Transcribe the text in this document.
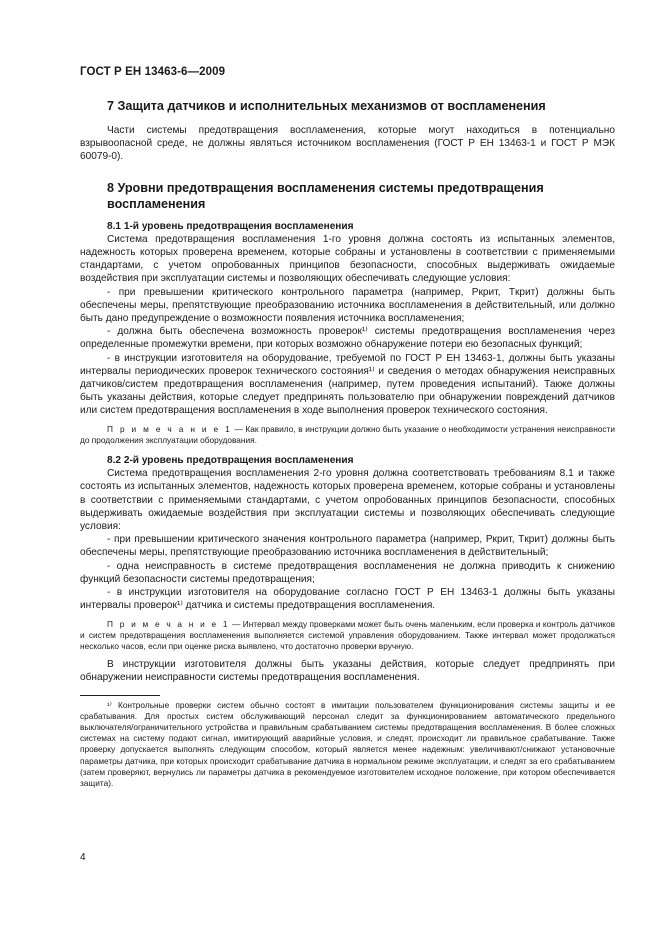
ГОСТ Р ЕН 13463-6—2009
7 Защита датчиков и исполнительных механизмов от воспламенения

Части системы предотвращения воспламенения, которые могут находиться в потенциально взрывоопасной среде, не должны являться источником воспламенения (ГОСТ Р ЕН 13463-1 и ГОСТ Р МЭК 60079-0).

8 Уровни предотвращения воспламенения системы предотвращения воспламенения
8.1 1-й уровень предотвращения воспламенения

Система предотвращения воспламенения 1-го уровня должна состоять из испытанных элементов, надежность которых проверена временем, которые собраны и установлены в соответствии с применяемыми стандартами, с учетом опробованных принципов безопасности, способных выдерживать ожидаемые воздействия при эксплуатации системы и позволяющих обеспечивать следующие условия:

- при превышении критического контрольного параметра (например, Pкрит, Tкрит) должны быть обеспечены меры, препятствующие преобразованию источника воспламенения в действительный, или должно быть дано предупреждение о возможности появления источника воспламенения;

- должна быть обеспечена возможность проверок¹⁾ системы предотвращения воспламенения через определенные промежутки времени, при которых возможно обнаружение потери ею безопасных функций;

- в инструкции изготовителя на оборудование, требуемой по ГОСТ Р ЕН 13463-1, должны быть указаны интервалы периодических проверок технического состояния¹⁾ и сведения о методах обнаружения неисправных датчиков/систем предотвращения воспламенения (например, путем проведения испытаний). Также должны быть указаны действия, которые следует предпринять пользователю при обнаружении повреждений датчиков или систем предотвращения воспламенения в ходе выполнения проверок технического состояния.

П р и м е ч а н и е 1 — Как правило, в инструкции должно быть указание о необходимости устранения неисправности до продолжения эксплуатации оборудования.
8.2 2-й уровень предотвращения воспламенения

Система предотвращения воспламенения 2-го уровня должна соответствовать требованиям 8.1 и также состоять из испытанных элементов, надежность которых проверена временем, которые собраны и установлены в соответствии с применяемыми стандартами, с учетом опробованных принципов безопасности, способных выдерживать ожидаемые воздействия при эксплуатации системы и позволяющих обеспечивать следующие условия:

- при превышении критического значения контрольного параметра (например, Pкрит, Tкрит) должны быть обеспечены меры, препятствующие преобразованию источника воспламенения в действительный;

- одна неисправность в системе предотвращения воспламенения не должна приводить к снижению функций безопасности системы предотвращения;

- в инструкции изготовителя на оборудование согласно ГОСТ Р ЕН 13463-1 должны быть указаны интервалы проверок¹⁾ датчика и системы предотвращения воспламенения.

П р и м е ч а н и е 1 — Интервал между проверками может быть очень маленьким, если проверка и контроль датчиков и систем предотвращения воспламенения выполняется системой управления оборудованием. Также интервал может продолжаться несколько часов, если при оценке риска выявлено, что достаточно проверки вручную.

В инструкции изготовителя должны быть указаны действия, которые следует предпринять при обнаружении неисправности системы предотвращения воспламенения.

¹⁾ Контрольные проверки систем обычно состоят в имитации пользователем функционирования системы защиты и ее срабатывания. Для простых систем обслуживающий персонал следит за функционированием автоматического предельного выключателя/ограничительного устройства и правильным срабатыванием системы предотвращения воспламенения. В более сложных системах на систему подают сигнал, имитирующий аварийные условия, и следят, происходит ли правильное срабатывание. Также проверку допускается выполнять следующим способом, который является менее надежным: увеличивают/снижают установочные параметры датчика, при которых происходит срабатывание датчика в нормальном режиме эксплуатации, и следят за его срабатыванием (затем проверяют, вернулись ли параметры датчика в рекомендуемое изготовителем исходное положение, при котором обеспечивается защита).
4
